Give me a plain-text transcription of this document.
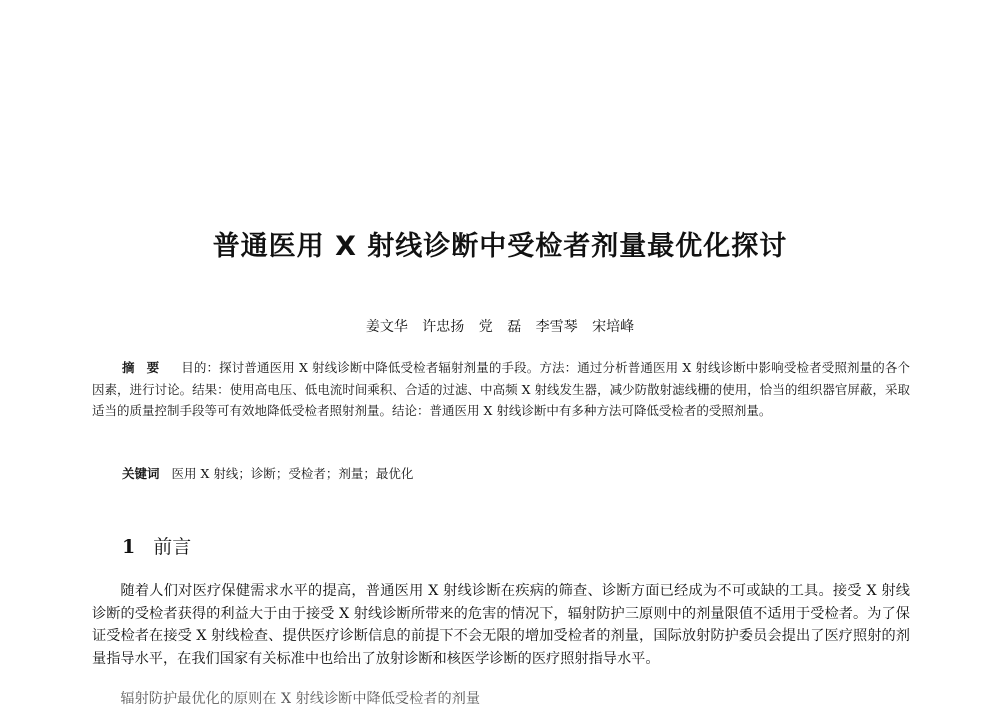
普通医用 X 射线诊断中受检者剂量最优化探讨
姜文华 许忠扬 党 磊 李雪琴 宋培峰
摘要 目的：探讨普通医用 X 射线诊断中降低受检者辐射剂量的手段。方法：通过分析普通医用 X 射线诊断中影响受检者受照剂量的各个因素，进行讨论。结果：使用高电压、低电流时间乘积、合适的过滤、中高频 X 射线发生器，减少防散射滤线栅的使用，恰当的组织器官屏蔽，采取适当的质量控制手段等可有效地降低受检者照射剂量。结论：普通医用 X 射线诊断中有多种方法可降低受检者的受照剂量。
关键词 医用 X 射线；诊断；受检者；剂量；最优化
1 前言

随着人们对医疗保健需求水平的提高，普通医用 X 射线诊断在疾病的筛查、诊断方面已经成为不可或缺的工具。接受 X 射线诊断的受检者获得的利益大于由于接受 X 射线诊断所带来的危害的情况下，辐射防护三原则中的剂量限值不适用于受检者。为了保证受检者在接受 X 射线检查、提供医疗诊断信息的前提下不会无限的增加受检者的剂量，国际放射防护委员会提出了医疗照射的剂量指导水平，在我们国家有关标准中也给出了放射诊断和核医学诊断的医疗照射指导水平。

辐射防护最优化的原则在 X 射线诊断中降低受检者的剂量
